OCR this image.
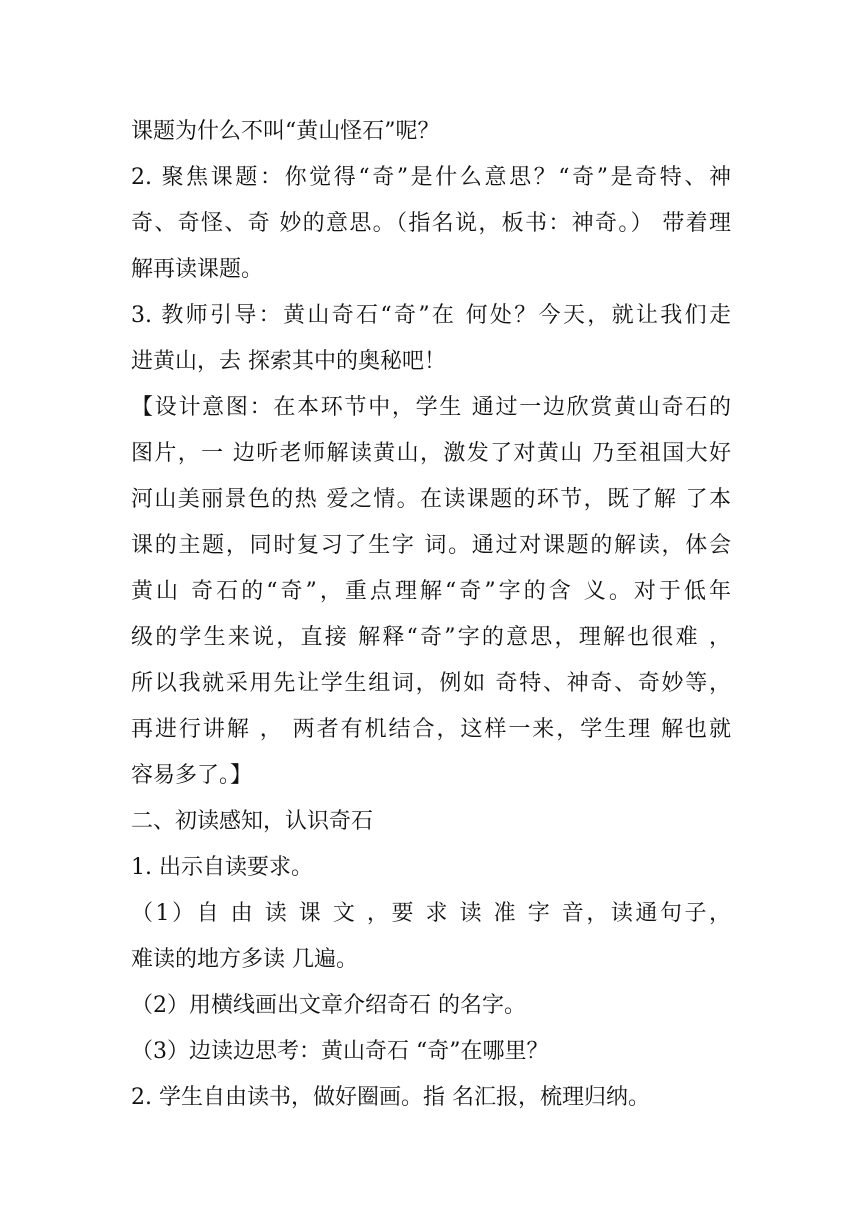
课题为什么不叫“黄山怪石”呢？
2. 聚焦课题：你觉得“奇”是什么意思？“奇”是奇特、神
奇、奇怪、奇 妙的意思。（指名说，板书：神奇。） 带着理
解再读课题。
3. 教师引导：黄山奇石“奇”在 何处？今天，就让我们走
进黄山，去 探索其中的奥秘吧！
【设计意图：在本环节中，学生 通过一边欣赏黄山奇石的
图片，一 边听老师解读黄山，激发了对黄山 乃至祖国大好
河山美丽景色的热 爱之情。在读课题的环节，既了解 了本
课的主题，同时复习了生字 词。通过对课题的解读，体会
黄山 奇石的“奇”，重点理解“奇”字的含 义。对于低年
级的学生来说，直接 解释“奇”字的意思，理解也很难 ，
所以我就采用先让学生组词，例如 奇特、神奇、奇妙等，
再进行讲解 ， 两者有机结合，这样一来，学生理 解也就
容易多了。】
二、初读感知，认识奇石
1. 出示自读要求。
（1）自 由 读 课 文 ，要 求 读 准 字 音，读通句子，
难读的地方多读 几遍。
（2）用横线画出文章介绍奇石 的名字。
（3）边读边思考：黄山奇石 “奇”在哪里？
2. 学生自由读书，做好圈画。指 名汇报，梳理归纳。
